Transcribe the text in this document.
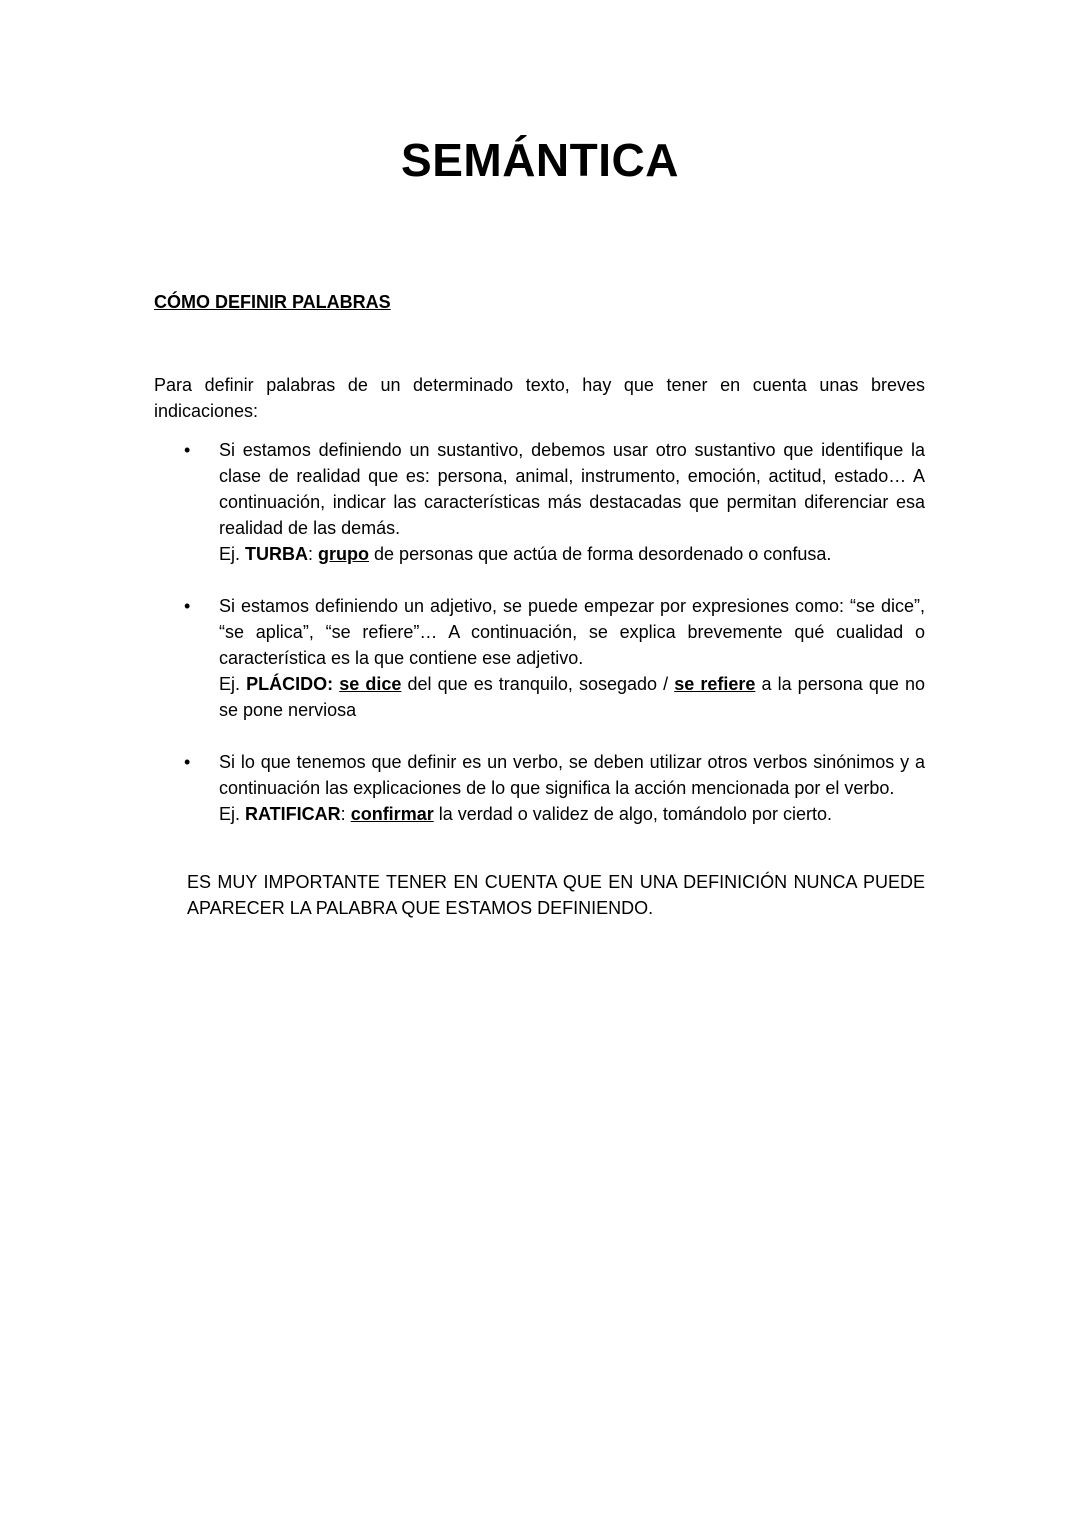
SEMÁNTICA
CÓMO DEFINIR PALABRAS

Para definir palabras de un determinado texto, hay que tener en cuenta unas breves indicaciones:

• Si estamos definiendo un sustantivo, debemos usar otro sustantivo que identifique la clase de realidad que es: persona, animal, instrumento, emoción, actitud, estado… A continuación, indicar las características más destacadas que permitan diferenciar esa realidad de las demás.

Ej. TURBA: grupo de personas que actúa de forma desordenado o confusa.

• Si estamos definiendo un adjetivo, se puede empezar por expresiones como: “se dice”, “se aplica”, “se refiere”… A continuación, se explica brevemente qué cualidad o característica es la que contiene ese adjetivo.

Ej. PLÁCIDO: se dice del que es tranquilo, sosegado / se refiere a la persona que no se pone nerviosa

• Si lo que tenemos que definir es un verbo, se deben utilizar otros verbos sinónimos y a continuación las explicaciones de lo que significa la acción mencionada por el verbo.

Ej. RATIFICAR: confirmar la verdad o validez de algo, tomándolo por cierto.

ES MUY IMPORTANTE TENER EN CUENTA QUE EN UNA DEFINICIÓN NUNCA PUEDE APARECER LA PALABRA QUE ESTAMOS DEFINIENDO.
